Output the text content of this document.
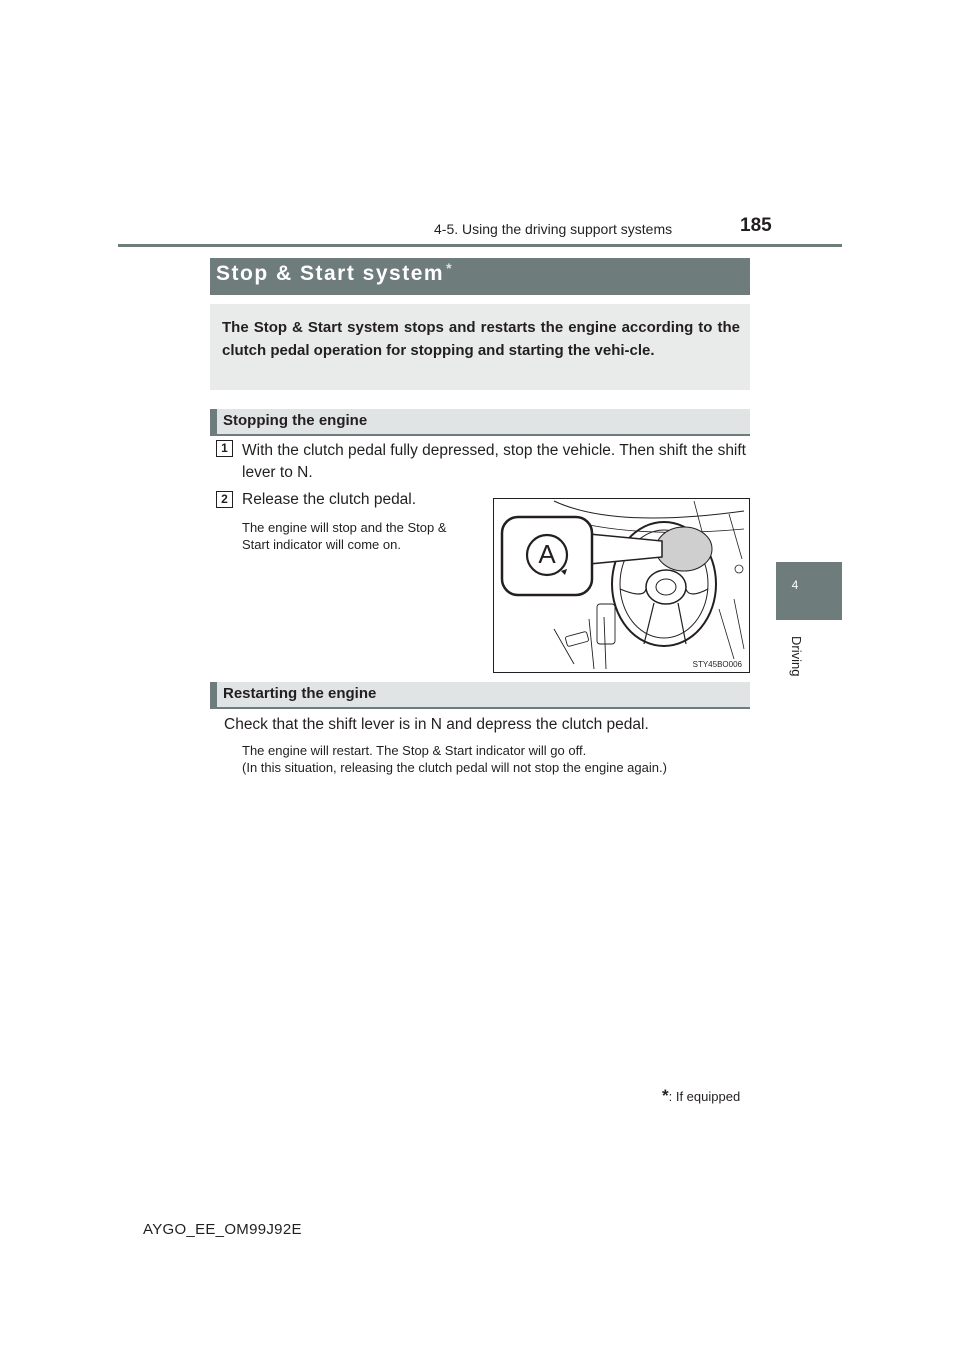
4-5. Using the driving support systems	185
4
Driving
Stop & Start system *
The Stop & Start system stops and restarts the engine according to the clutch pedal operation for stopping and starting the vehi-cle.
Stopping the engine
1 With the clutch pedal fully depressed, stop the vehicle. Then shift the shift lever to N.
2 Release the clutch pedal.
The engine will stop and the Stop &
Start indicator will come on.	A
STY45BO006
Restarting the engine
Check that the shift lever is in N and depress the clutch pedal.
The engine will restart. The Stop & Start indicator will go off.
(In this situation, releasing the clutch pedal will not stop the engine again.)
*: If equipped
AYGO_EE_OM99J92E
